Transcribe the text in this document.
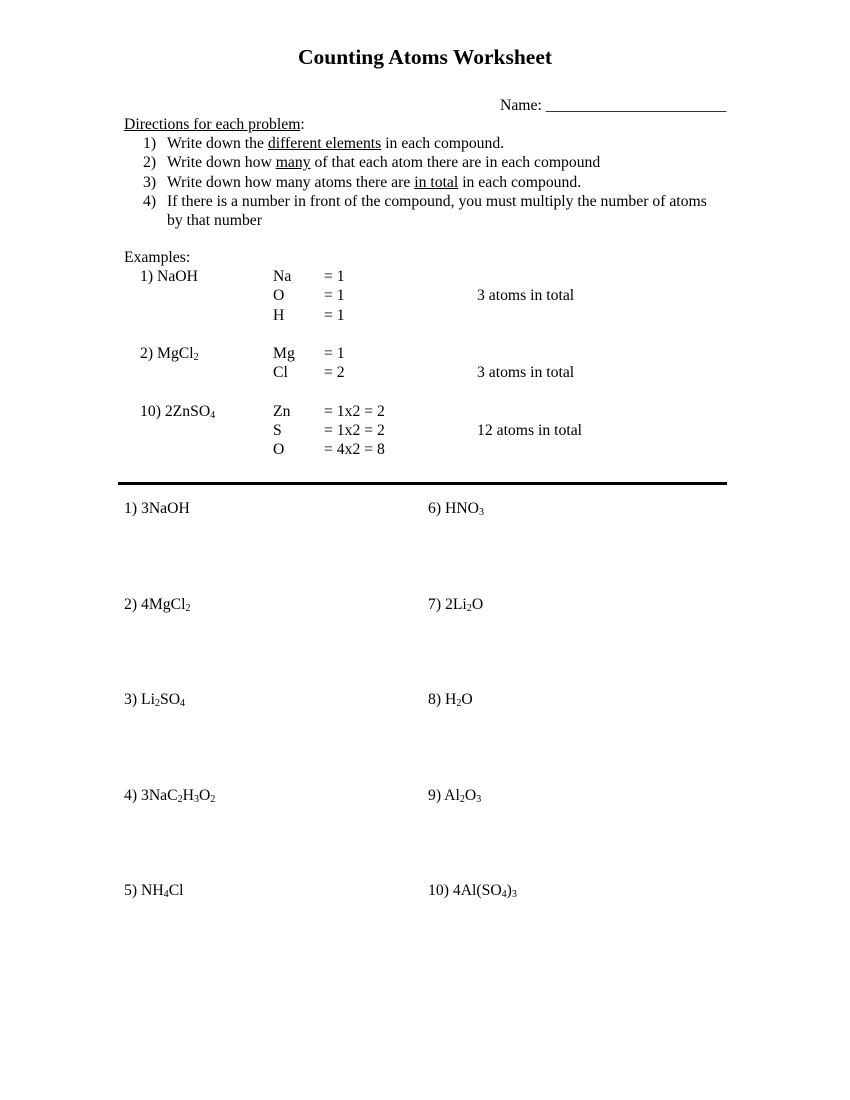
Counting Atoms Worksheet
Name: _______________________
Directions for each problem:
1) Write down the different elements in each compound.
2) Write down how many of that each atom there are in each compound
3) Write down how many atoms there are in total in each compound.
4) If there is a number in front of the compound, you must multiply the number of atoms by that number
Examples:
1) NaOH	Na = 1
O	= 1	3 atoms in total
H	= 1
2) MgCl$_2$	Mg = 1
Cl = 2	3 atoms in total
10) 2ZnSO$_4$	Zn = 1x2 = 2
S	= 1x2 = 2	12 atoms in total
O	= 4x2 = 8
1) 3NaOH
2) 4MgCl$_2$
3) $Li_2SO_4$
4) $3NaC_2H_3O_2$
5) $NH_4Cl$
6) $HNO_3$
7) $2Li_2O$
8) $H_2O$
9) $Al_2O_3$
10) $4Al(SO_4)_3$
